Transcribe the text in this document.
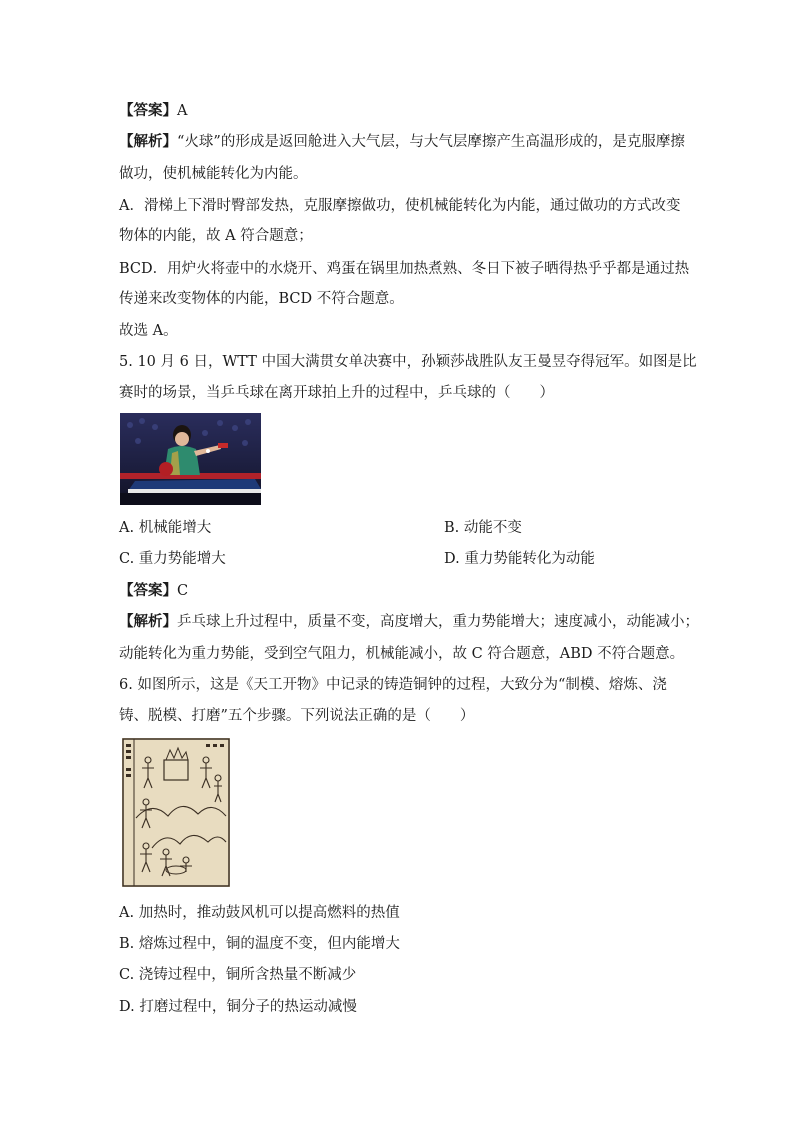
【答案】A
【解析】“火球”的形成是返回舱进入大气层，与大气层摩擦产生高温形成的，是克服摩擦
做功，使机械能转化为内能。
A．滑梯上下滑时臀部发热，克服摩擦做功，使机械能转化为内能，通过做功的方式改变
物体的内能，故 A 符合题意；
BCD．用炉火将壶中的水烧开、鸡蛋在锅里加热煮熟、冬日下被子晒得热乎乎都是通过热
传递来改变物体的内能，BCD 不符合题意。
故选 A。
5. 10 月 6 日，WTT 中国大满贯女单决赛中，孙颖莎战胜队友王曼昱夺得冠军。如图是比
赛时的场景，当乒乓球在离开球拍上升的过程中，乒乓球的（　　）
A. 机械能增大	B. 动能不变
C. 重力势能增大	D. 重力势能转化为动能
【答案】C
【解析】乒乓球上升过程中，质量不变，高度增大，重力势能增大；速度减小，动能减小；
动能转化为重力势能，受到空气阻力，机械能减小，故 C 符合题意，ABD 不符合题意。
6. 如图所示，这是《天工开物》中记录的铸造铜钟的过程，大致分为“制模、熔炼、浇
铸、脱模、打磨”五个步骤。下列说法正确的是（　　）
A. 加热时，推动鼓风机可以提高燃料的热值
B. 熔炼过程中，铜的温度不变，但内能增大
C. 浇铸过程中，铜所含热量不断减少
D. 打磨过程中，铜分子的热运动减慢
